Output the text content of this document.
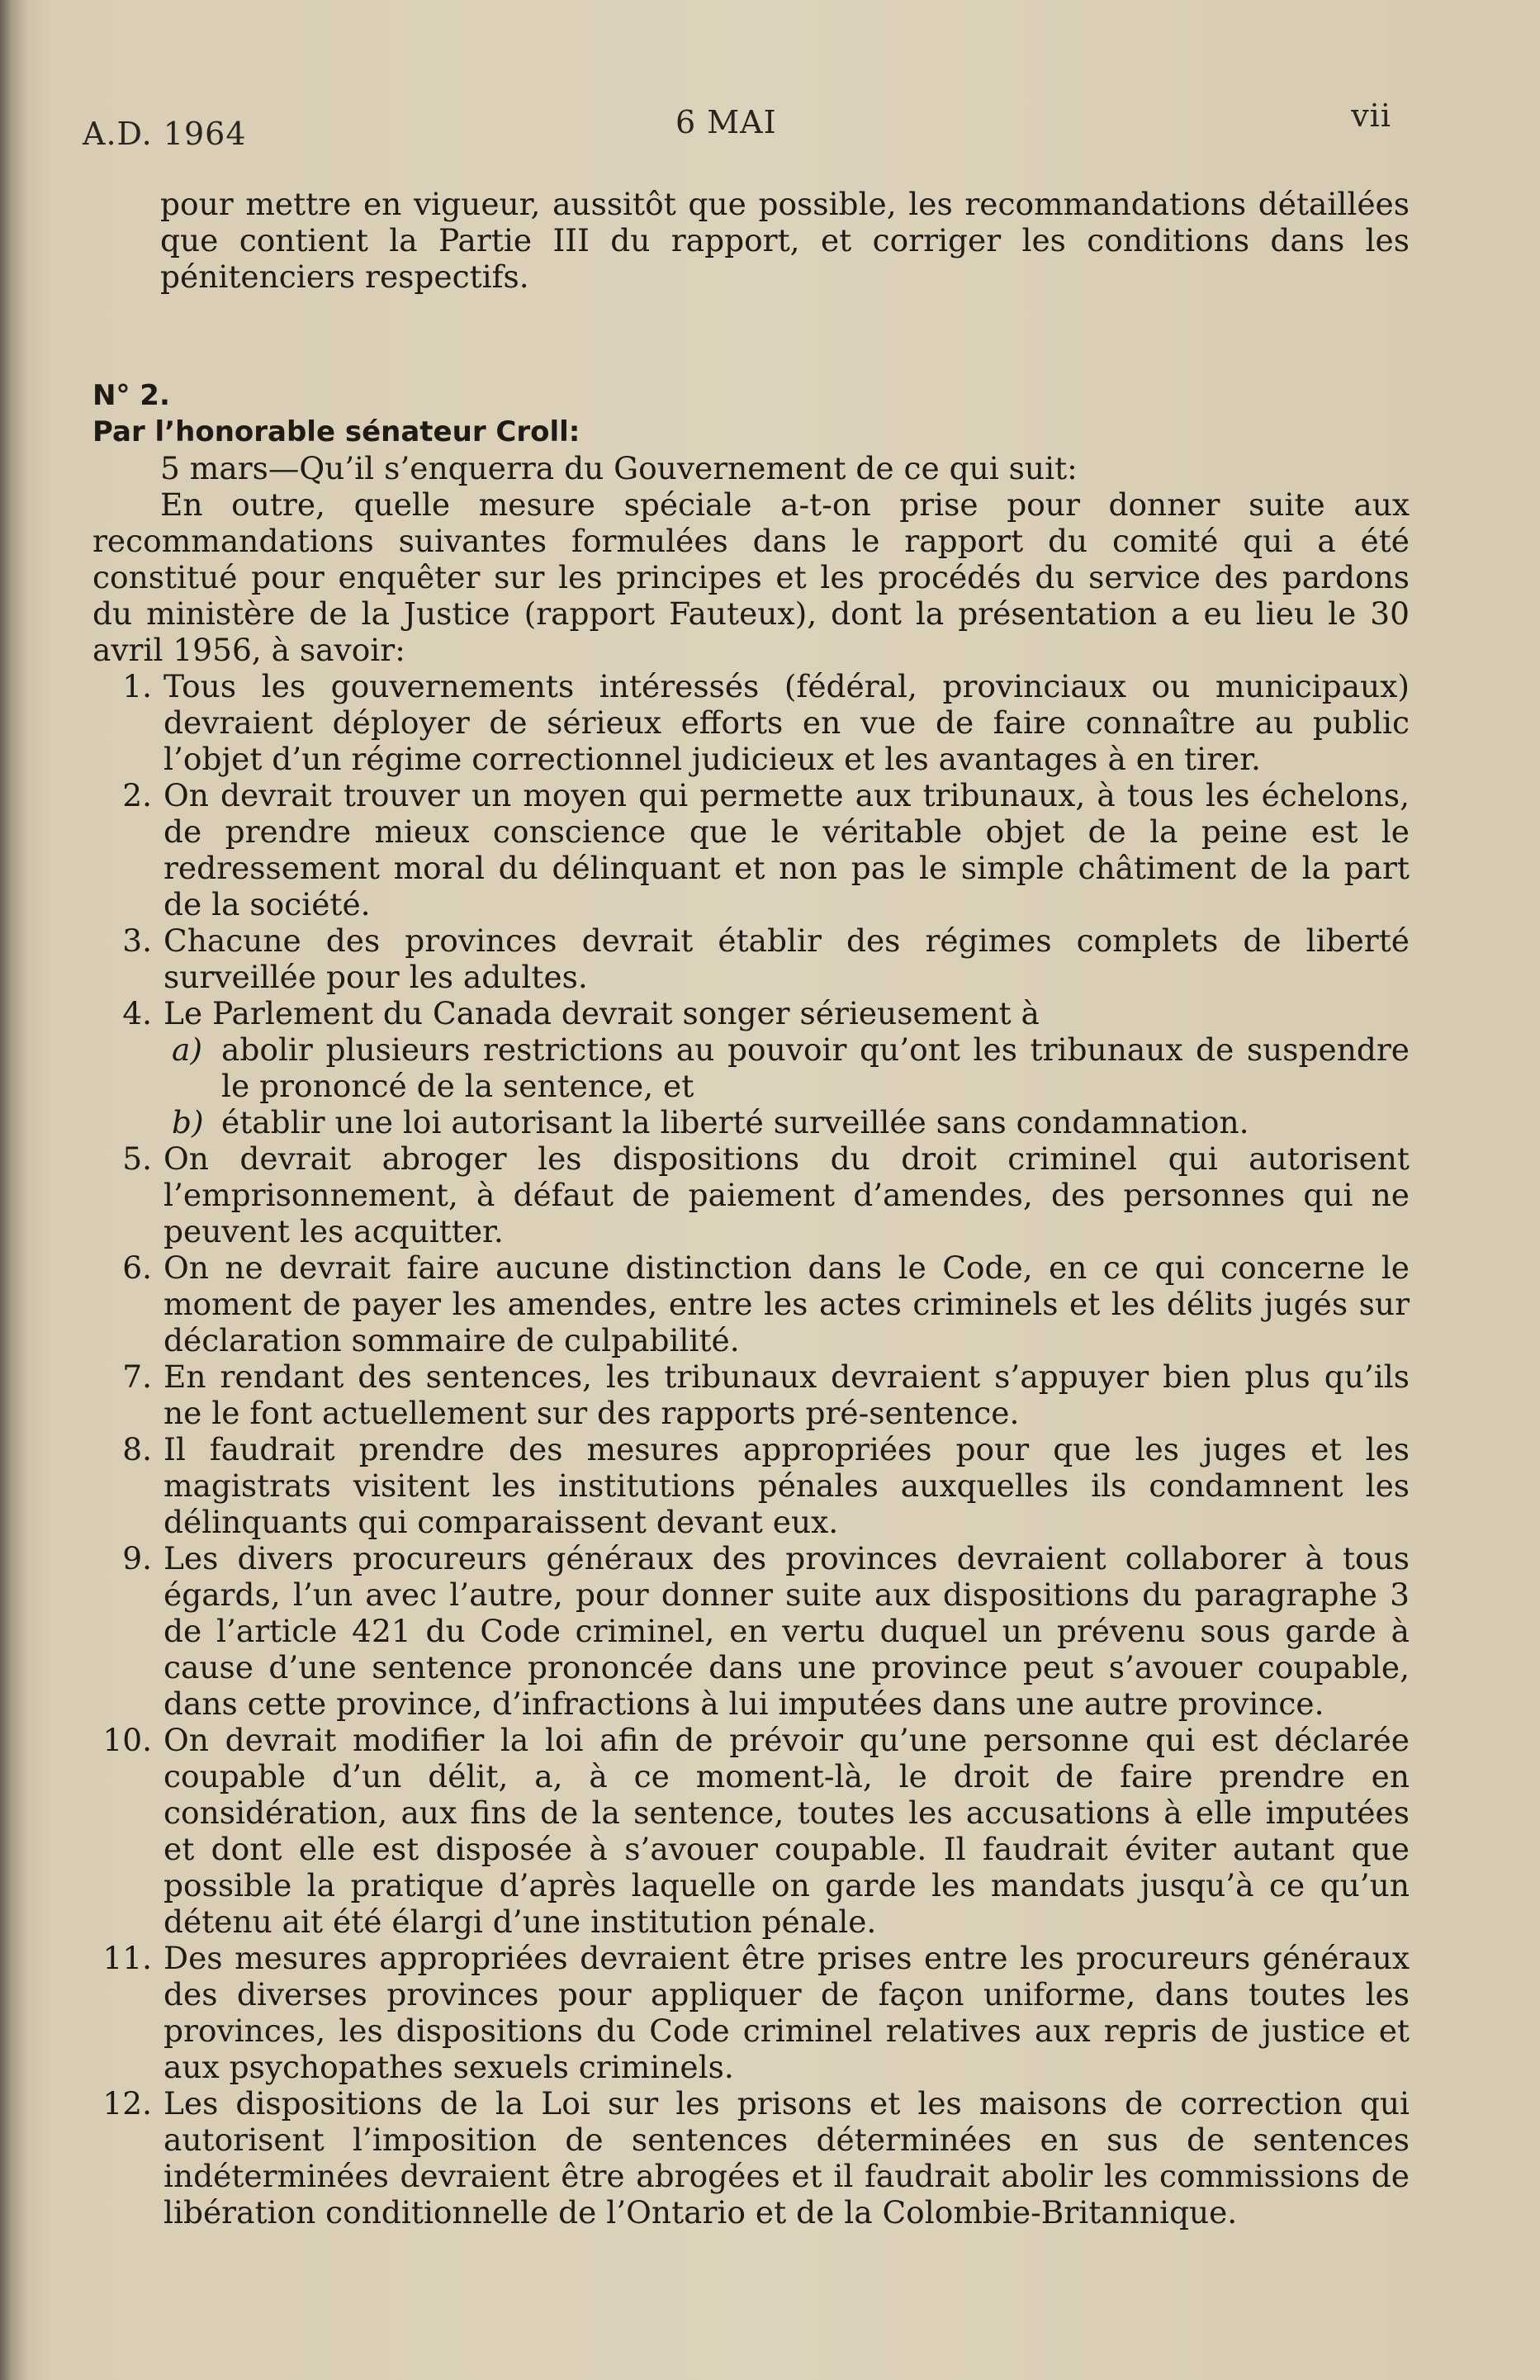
A.D. 1964	6 MAI	vii

pour mettre en vigueur, aussitôt que possible, les recommandations détaillées que contient la Partie III du rapport, et corriger les conditions dans les pénitenciers respectifs.

N° 2.

Par l’honorable sénateur Croll:

5 mars—Qu’il s’enquerra du Gouvernement de ce qui suit:

En outre, quelle mesure spéciale a-t-on prise pour donner suite aux recommandations suivantes formulées dans le rapport du comité qui a été constitué pour enquêter sur les principes et les procédés du service des pardons du ministère de la Justice (rapport Fauteux), dont la présentation a eu lieu le 30 avril 1956, à savoir:

1. Tous les gouvernements intéressés (fédéral, provinciaux ou municipaux) devraient déployer de sérieux efforts en vue de faire connaître au public l’objet d’un régime correctionnel judicieux et les avantages à en tirer.
2. On devrait trouver un moyen qui permette aux tribunaux, à tous les échelons, de prendre mieux conscience que le véritable objet de la peine est le redressement moral du délinquant et non pas le simple châtiment de la part de la société.
3. Chacune des provinces devrait établir des régimes complets de liberté surveillée pour les adultes.
4. Le Parlement du Canada devrait songer sérieusement à
a) abolir plusieurs restrictions au pouvoir qu’ont les tribunaux de suspendre le prononcé de la sentence, et
b) établir une loi autorisant la liberté surveillée sans condamnation.
5. On devrait abroger les dispositions du droit criminel qui autorisent l’emprisonnement, à défaut de paiement d’amendes, des personnes qui ne peuvent les acquitter.
6. On ne devrait faire aucune distinction dans le Code, en ce qui concerne le moment de payer les amendes, entre les actes criminels et les délits jugés sur déclaration sommaire de culpabilité.
7. En rendant des sentences, les tribunaux devraient s’appuyer bien plus qu’ils ne le font actuellement sur des rapports pré-sentence.
8. Il faudrait prendre des mesures appropriées pour que les juges et les magistrats visitent les institutions pénales auxquelles ils condamnent les délinquants qui comparaissent devant eux.
9. Les divers procureurs généraux des provinces devraient collaborer à tous égards, l’un avec l’autre, pour donner suite aux dispositions du paragraphe 3 de l’article 421 du Code criminel, en vertu duquel un prévenu sous garde à cause d’une sentence prononcée dans une province peut s’avouer coupable, dans cette province, d’infractions à lui imputées dans une autre province.
10. On devrait modifier la loi afin de prévoir qu’une personne qui est déclarée coupable d’un délit, a, à ce moment-là, le droit de faire prendre en considération, aux fins de la sentence, toutes les accusations à elle imputées et dont elle est disposée à s’avouer coupable. Il faudrait éviter autant que possible la pratique d’après laquelle on garde les mandats jusqu’à ce qu’un détenu ait été élargi d’une institution pénale.
11. Des mesures appropriées devraient être prises entre les procureurs généraux des diverses provinces pour appliquer de façon uniforme, dans toutes les provinces, les dispositions du Code criminel relatives aux repris de justice et aux psychopathes sexuels criminels.
12. Les dispositions de la Loi sur les prisons et les maisons de correction qui autorisent l’imposition de sentences déterminées en sus de sentences indéterminées devraient être abrogées et il faudrait abolir les commissions de libération conditionnelle de l’Ontario et de la Colombie-Britannique.
